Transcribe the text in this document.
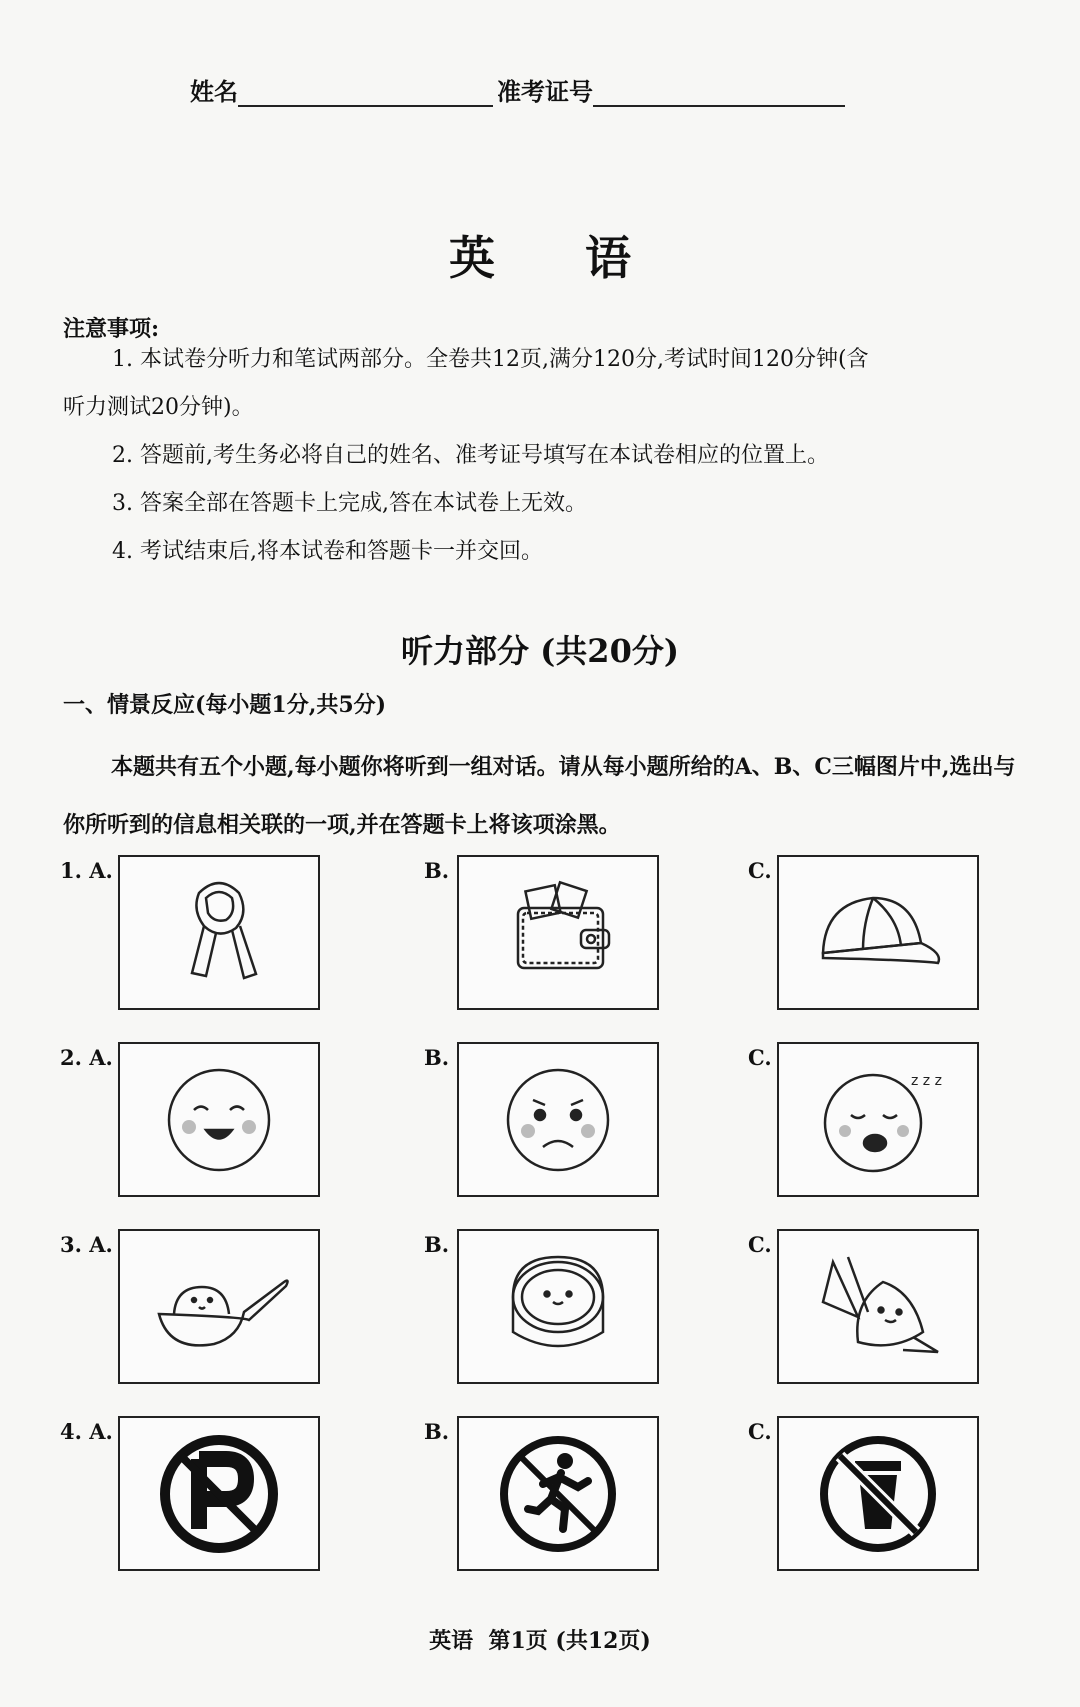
姓名	准考证号
英语
注意事项:
1. 本试卷分听力和笔试两部分。全卷共12页,满分120分,考试时间120分钟(含
听力测试20分钟)。
2. 答题前,考生务必将自己的姓名、准考证号填写在本试卷相应的位置上。
3. 答案全部在答题卡上完成,答在本试卷上无效。
4. 考试结束后,将本试卷和答题卡一并交回。
听力部分 (共20分)
一、情景反应(每小题1分,共5分)
本题共有五个小题,每小题你将听到一组对话。请从每小题所给的A、B、C三幅图片中,选出与你所听到的信息相关联的一项,并在答题卡上将该项涂黑。
1. A.	B.	C.
2. A.	B.	C.
z z z
3. A.	B.	C.
4. A.	B.	C.
英语  第1页 (共12页)
